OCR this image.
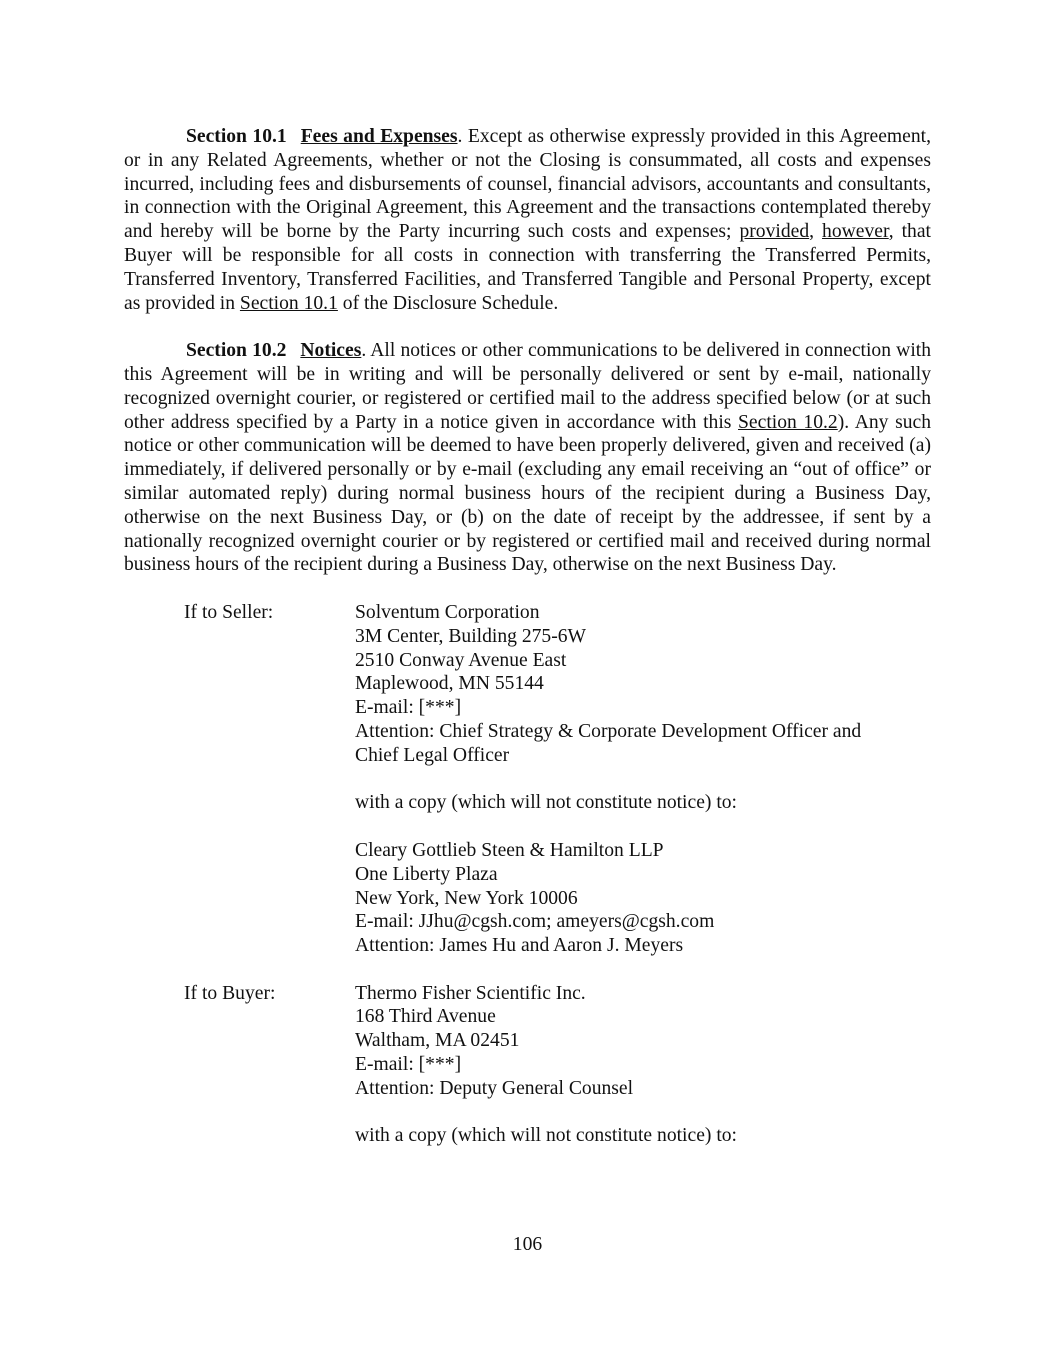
Section 10.1 Fees and Expenses. Except as otherwise expressly provided in this Agreement, or in any Related Agreements, whether or not the Closing is consummated, all costs and expenses incurred, including fees and disbursements of counsel, financial advisors, accountants and consultants, in connection with the Original Agreement, this Agreement and the transactions contemplated thereby and hereby will be borne by the Party incurring such costs and expenses; provided, however, that Buyer will be responsible for all costs in connection with transferring the Transferred Permits, Transferred Inventory, Transferred Facilities, and Transferred Tangible and Personal Property, except as provided in Section 10.1 of the Disclosure Schedule.

Section 10.2 Notices. All notices or other communications to be delivered in connection with this Agreement will be in writing and will be personally delivered or sent by e-mail, nationally recognized overnight courier, or registered or certified mail to the address specified below (or at such other address specified by a Party in a notice given in accordance with this Section 10.2). Any such notice or other communication will be deemed to have been properly delivered, given and received (a) immediately, if delivered personally or by e-mail (excluding any email receiving an “out of office” or similar automated reply) during normal business hours of the recipient during a Business Day, otherwise on the next Business Day, or (b) on the date of receipt by the addressee, if sent by a nationally recognized overnight courier or by registered or certified mail and received during normal business hours of the recipient during a Business Day, otherwise on the next Business Day.

If to Seller:	Solventum Corporation
3M Center, Building 275-6W
2510 Conway Avenue East
Maplewood, MN 55144
E-mail: [***]
Attention: Chief Strategy & Corporate Development Officer and
Chief Legal Officer
with a copy (which will not constitute notice) to:
Cleary Gottlieb Steen & Hamilton LLP
One Liberty Plaza
New York, New York 10006
E-mail: JJhu@cgsh.com; ameyers@cgsh.com
Attention: James Hu and Aaron J. Meyers
If to Buyer:	Thermo Fisher Scientific Inc.
168 Third Avenue
Waltham, MA 02451
E-mail: [***]
Attention: Deputy General Counsel
with a copy (which will not constitute notice) to:
106
